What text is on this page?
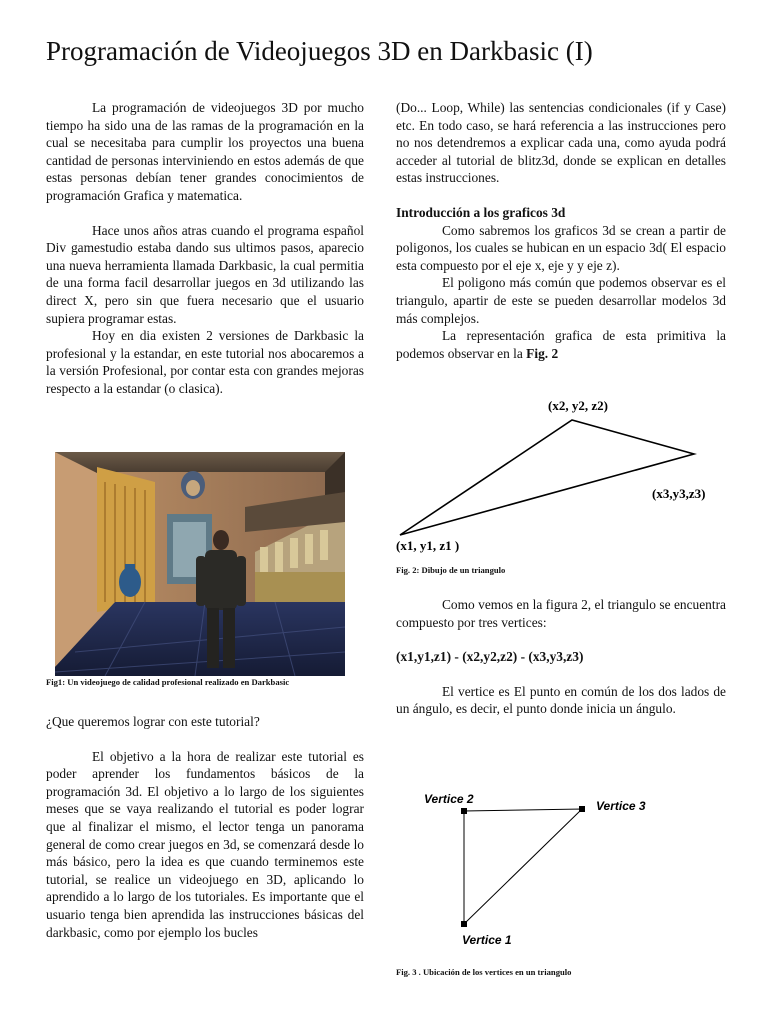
Programación de Videojuegos 3D en Darkbasic (I)

La programación de videojuegos 3D por mucho tiempo ha sido una de las ramas de la programación en la cual se necesitaba para cumplir los proyectos una buena cantidad de personas interviniendo en estos además de que estas personas debían tener grandes conocimientos de programación Grafica y matematica.

Hace unos años atras cuando el programa español Div gamestudio estaba dando sus ultimos pasos, aparecio una nueva herramienta llamada Darkbasic, la cual permitia de una forma facil desarrollar juegos en 3d utilizando las direct X, pero sin que fuera necesario que el usuario supiera programar estas.

Hoy en dia existen 2 versiones de Darkbasic la profesional y la estandar, en este tutorial nos abocaremos a la versión Profesional, por contar esta con grandes mejoras respecto a la estandar (o clasica).

Fig1: Un videojuego de calidad profesional realizado en Darkbasic

¿Que queremos lograr con este tutorial?

El objetivo a la hora de realizar este tutorial es poder aprender los fundamentos básicos de la programación 3d. El objetivo a lo largo de los siguientes meses que se vaya realizando el tutorial es poder lograr que al finalizar el mismo, el lector tenga un panorama general de como crear juegos en 3d, se comenzará desde lo más básico, pero la idea es que cuando terminemos este tutorial, se realice un videojuego en 3D, aplicando lo aprendido a lo largo de los tutoriales. Es importante que el usuario tenga bien aprendida las instrucciones básicas del darkbasic, como por ejemplo los bucles

(Do... Loop, While) las sentencias condicionales (if y Case) etc. En todo caso, se hará referencia a las instrucciones pero no nos detendremos a explicar cada una, como ayuda podrá acceder al tutorial de blitz3d, donde se explican en detalles estas instrucciones.

Introducción a los graficos 3d

Como sabremos los graficos 3d se crean a partir de poligonos, los cuales se hubican en un espacio 3d( El espacio esta compuesto por el eje x, eje y y eje z).

El poligono más común que podemos observar es el triangulo, apartir de este se pueden desarrollar modelos 3d más complejos.

La representación grafica de esta primitiva la podemos observar en la Fig. 2

(x2, y2, z2)
(x3,y3,z3)
(x1, y1, z1 )
Fig. 2: Dibujo de un triangulo

Como vemos en la figura 2, el triangulo se encuentra compuesto por tres vertices:

(x1,y1,z1) - (x2,y2,z2) - (x3,y3,z3)

El vertice es El punto en común de los dos lados de un ángulo, es decir, el punto donde inicia un ángulo.

Vertice 2	Vertice 3
Vertice 1
Fig. 3 . Ubicación de los vertices en un triangulo
